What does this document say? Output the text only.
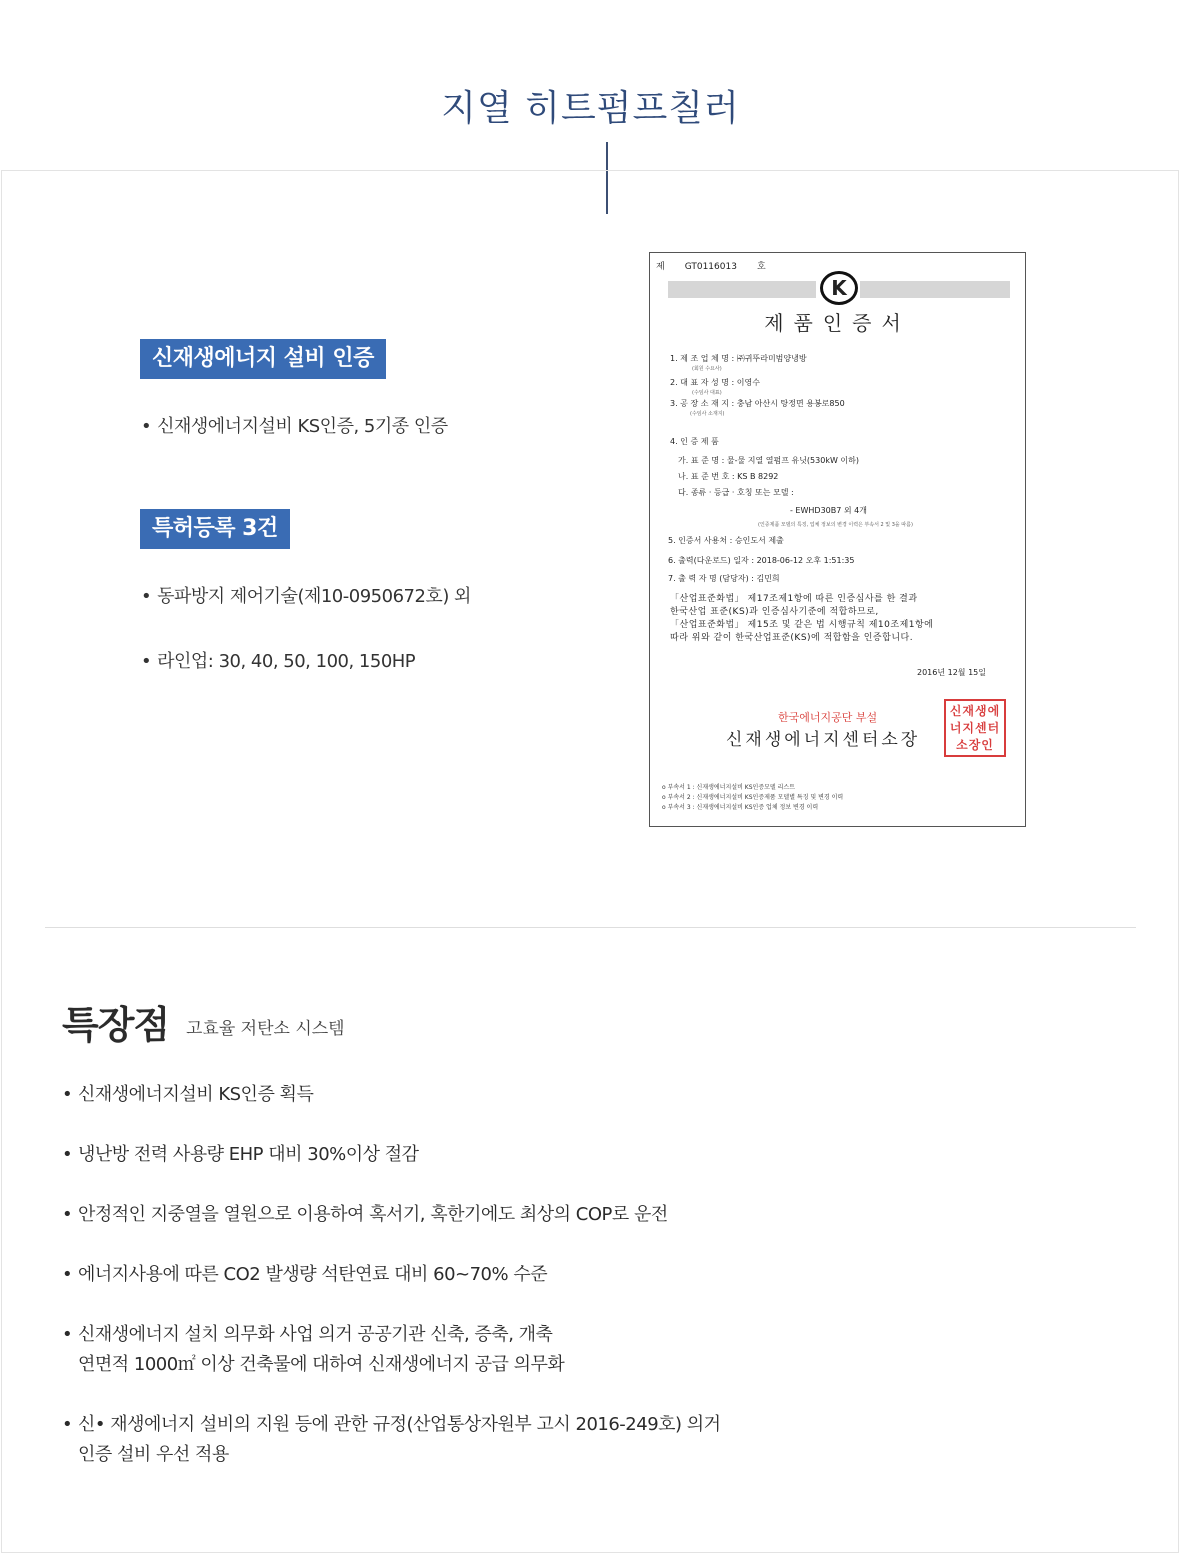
지열 히트펌프칠러
신재생에너지 설비 인증
• 신재생에너지설비 KS인증, 5기종 인증
특허등록 3건
• 동파방지 제어기술(제10-0950672호) 외
• 라인업: 30, 40, 50, 100, 150HP
제 GT0116013 호
K
제품인증서
1. 제 조 업 체 명 : ㈜귀뚜라미범양냉방
(회원 수요사)
2. 대 표 자 성 명 : 이영수
(수임사 대표)
3. 공 장 소 재 지 : 충남 아산시 탕정면 용봉로850
(수임사 소재지)
4. 인 증 제 품
가. 표 준 명 : 물-물 지열 열펌프 유닛(530kW 이하)
나. 표 준 번 호 : KS B 8292
다. 종류 · 등급 · 호칭 또는 모델 :
- EWHD30B7 외 4개
(인증제품 모델의 특징, 업체 정보의 변경 이력은 부속서 2 및 3을 따름)
5. 인증서 사용처 : 승인도서 제출
6. 출력(다운로드) 일자 : 2018-06-12 오후 1:51:35
7. 출 력 자 명 (담당자) : 김민희
「산업표준화법」 제17조제1항에 따른 인증심사를 한 결과
한국산업 표준(KS)과 인증심사기준에 적합하므로,
「산업표준화법」 제15조 및 같은 법 시행규칙 제10조제1항에
따라 위와 같이 한국산업표준(KS)에 적합함을 인증합니다.
2016년 12월 15일
한국에너지공단 부설
신재생에너지센터소장
신재생에너지센터소장인
o 부속서 1 : 신재생에너지설비 KS인증모델 리스트
o 부속서 2 : 신재생에너지설비 KS인증제품 모델별 특징 및 변경 이력
o 부속서 3 : 신재생에너지설비 KS인증 업체 정보 변경 이력
특장점 고효율 저탄소 시스템
• 신재생에너지설비 KS인증 획득
• 냉난방 전력 사용량 EHP 대비 30%이상 절감
• 안정적인 지중열을 열원으로 이용하여 혹서기, 혹한기에도 최상의 COP로 운전
• 에너지사용에 따른 CO2 발생량 석탄연료 대비 60~70% 수준
• 신재생에너지 설치 의무화 사업 의거 공공기관 신축, 증축, 개축
연면적 1000㎡ 이상 건축물에 대하여 신재생에너지 공급 의무화
• 신• 재생에너지 설비의 지원 등에 관한 규정(산업통상자원부 고시 2016-249호) 의거
인증 설비 우선 적용
